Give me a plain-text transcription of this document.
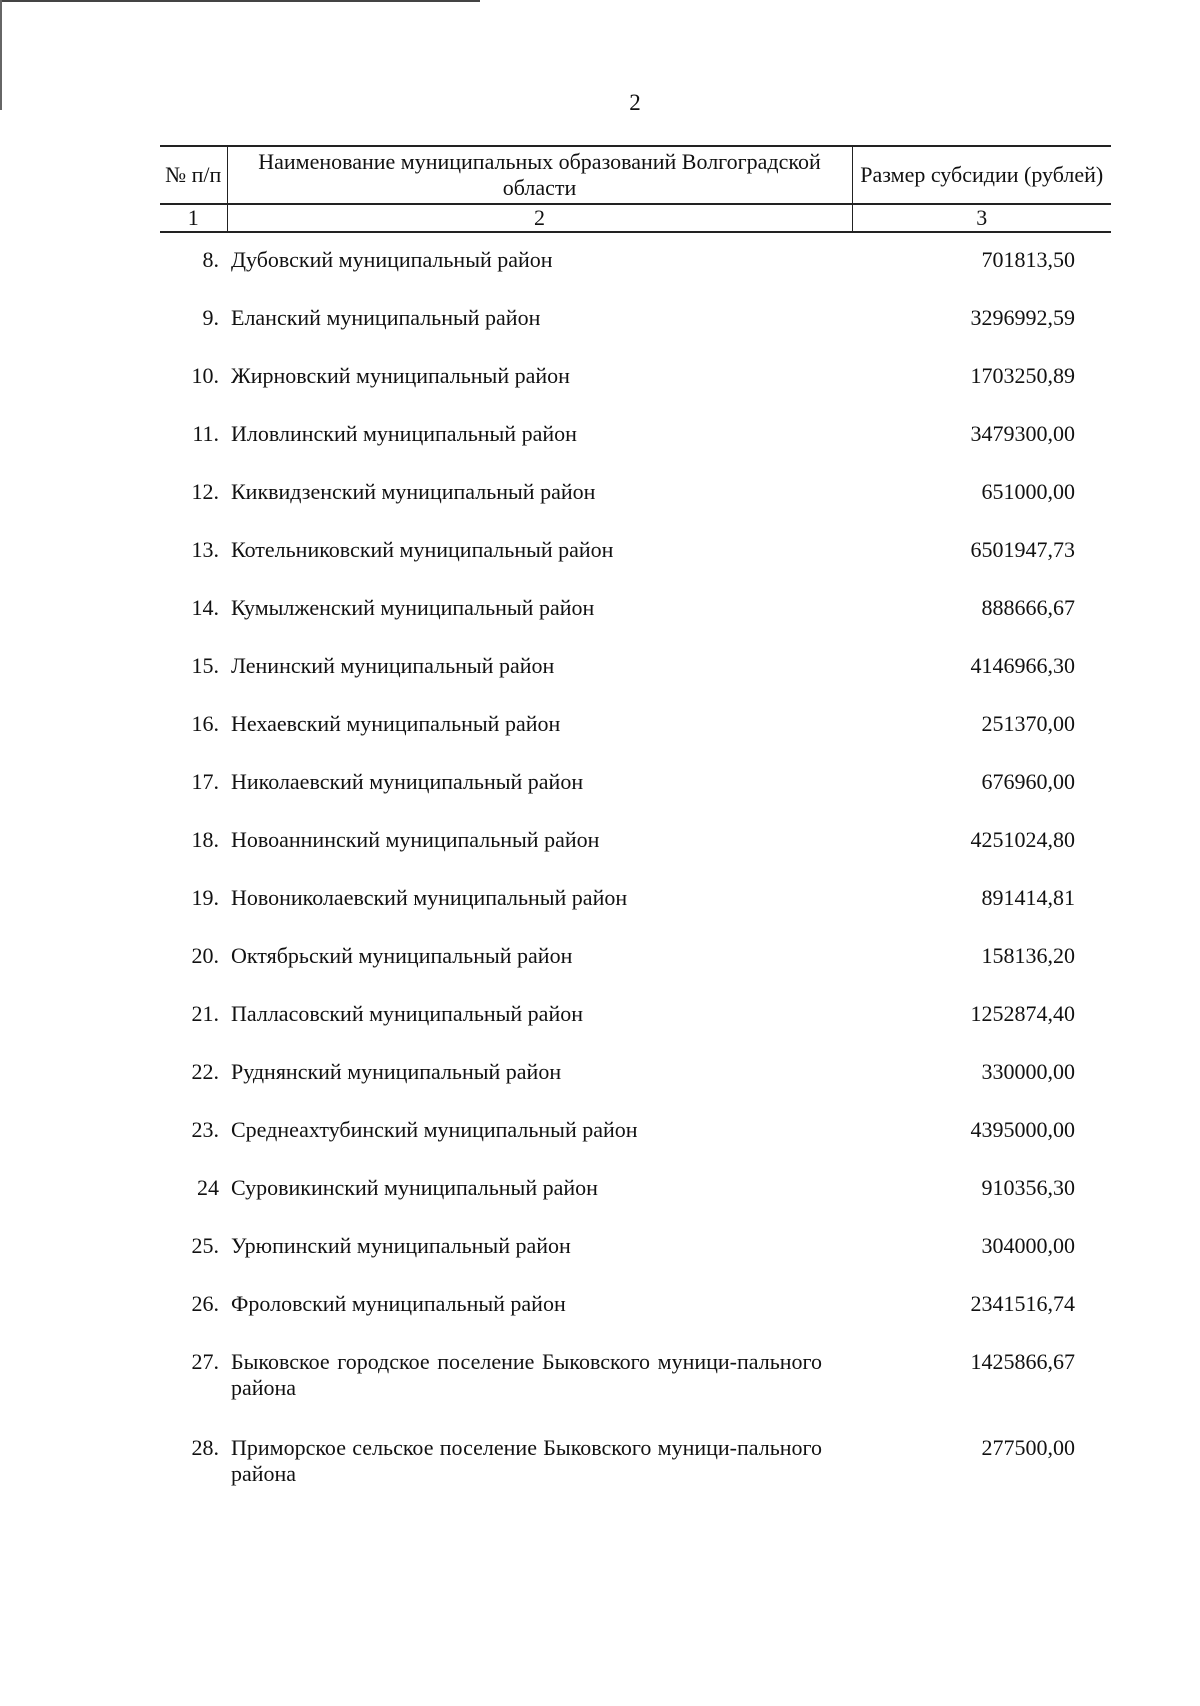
2
№ п/п	Наименование муниципальных образований Волгоградской области	Размер субсидии (рублей)
1	2	3
8.	Дубовский муниципальный район	701813,50
9.	Еланский муниципальный район	3296992,59
10.	Жирновский муниципальный район	1703250,89
11.	Иловлинский муниципальный район	3479300,00
12.	Киквидзенский муниципальный район	651000,00
13.	Котельниковский муниципальный район	6501947,73
14.	Кумылженский муниципальный район	888666,67
15.	Ленинский муниципальный район	4146966,30
16.	Нехаевский муниципальный район	251370,00
17.	Николаевский муниципальный район	676960,00
18.	Новоаннинский муниципальный район	4251024,80
19.	Новониколаевский муниципальный район	891414,81
20.	Октябрьский муниципальный район	158136,20
21.	Палласовский муниципальный район	1252874,40
22.	Руднянский муниципальный район	330000,00
23.	Среднеахтубинский муниципальный район	4395000,00
24	Суровикинский муниципальный район	910356,30
25.	Урюпинский муниципальный район	304000,00
26.	Фроловский муниципальный район	2341516,74
27.	Быковское городское поселение Быковского муници-пального района	1425866,67
28.	Приморское сельское поселение Быковского муници-пального района	277500,00
